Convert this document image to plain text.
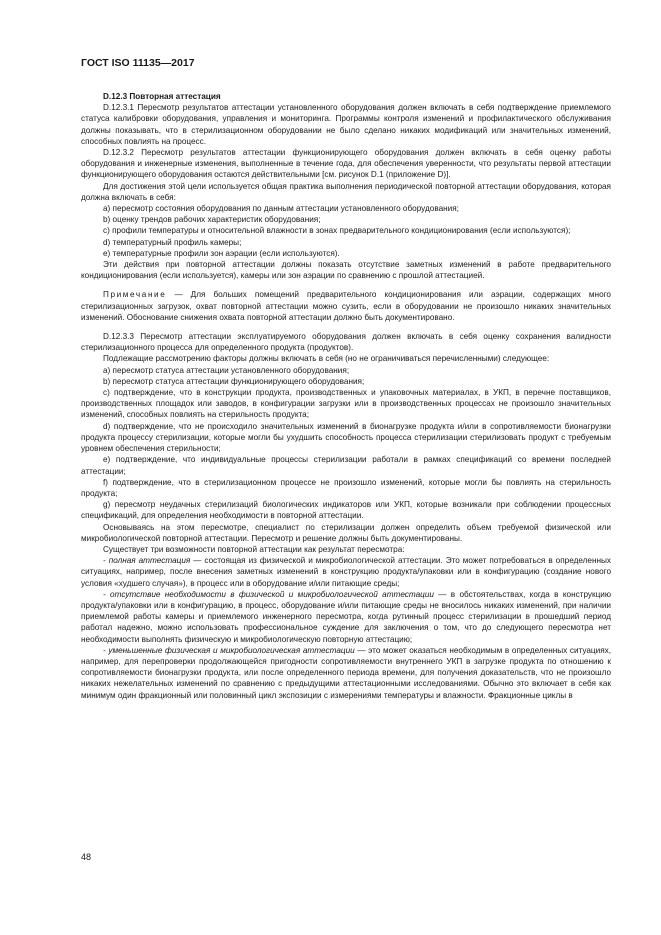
ГОСТ ISO 11135—2017

D.12.3 Повторная аттестация

D.12.3.1 Пересмотр результатов аттестации установленного оборудования должен включать в себя подтверждение приемлемого статуса калибровки оборудования, управления и мониторинга. Программы контроля изменений и профилактического обслуживания должны показывать, что в стерилизационном оборудовании не было сделано никаких модификаций или значительных изменений, способных повлиять на процесс.

D.12.3.2 Пересмотр результатов аттестации функционирующего оборудования должен включать в себя оценку работы оборудования и инженерные изменения, выполненные в течение года, для обеспечения уверенности, что результаты первой аттестации функционирующего оборудования остаются действительными [см. рисунок D.1 (приложение D)].

Для достижения этой цели используется общая практика выполнения периодической повторной аттестации оборудования, которая должна включать в себя:

a) пересмотр состояния оборудования по данным аттестации установленного оборудования;

b) оценку трендов рабочих характеристик оборудования;

c) профили температуры и относительной влажности в зонах предварительного кондиционирования (если используются);

d) температурный профиль камеры;

e) температурные профили зон аэрации (если используются).

Эти действия при повторной аттестации должны показать отсутствие заметных изменений в работе предварительного кондиционирования (если используется), камеры или зон аэрации по сравнению с прошлой аттестацией.

Примечание — Для больших помещений предварительного кондиционирования или аэрации, содержащих много стерилизационных загрузок, охват повторной аттестации можно сузить, если в оборудовании не произошло никаких значительных изменений. Обоснование снижения охвата повторной аттестации должно быть документировано.

D.12.3.3 Пересмотр аттестации эксплуатируемого оборудования должен включать в себя оценку сохранения валидности стерилизационного процесса для определенного продукта (продуктов).

Подлежащие рассмотрению факторы должны включать в себя (но не ограничиваться перечисленными) следующее:

a) пересмотр статуса аттестации установленного оборудования;

b) пересмотр статуса аттестации функционирующего оборудования;

c) подтверждение, что в конструкции продукта, производственных и упаковочных материалах, в УКП, в перечне поставщиков, производственных площадок или заводов, в конфигурации загрузки или в производственных процессах не произошло значительных изменений, способных повлиять на стерильность продукта;

d) подтверждение, что не происходило значительных изменений в бионагрузке продукта и/или в сопротивляемости бионагрузки продукта процессу стерилизации, которые могли бы ухудшить способность процесса стерилизации стерилизовать продукт с требуемым уровнем обеспечения стерильности;

e) подтверждение, что индивидуальные процессы стерилизации работали в рамках спецификаций со времени последней аттестации;

f) подтверждение, что в стерилизационном процессе не произошло изменений, которые могли бы повлиять на стерильность продукта;

g) пересмотр неудачных стерилизаций биологических индикаторов или УКП, которые возникали при соблюдении процессных спецификаций, для определения необходимости в повторной аттестации.

Основываясь на этом пересмотре, специалист по стерилизации должен определить объем требуемой физической или микробиологической повторной аттестации. Пересмотр и решение должны быть документированы.

Существует три возможности повторной аттестации как результат пересмотра:

- полная аттестация — состоящая из физической и микробиологической аттестации. Это может потребоваться в определенных ситуациях, например, после внесения заметных изменений в конструкцию продукта/упаковки или в конфигурацию (создание нового условия «худшего случая»), в процесс или в оборудование и/или питающие среды;

- отсутствие необходимости в физической и микробиологической аттестации — в обстоятельствах, когда в конструкцию продукта/упаковки или в конфигурацию, в процесс, оборудование и/или питающие среды не вносилось никаких изменений, при наличии приемлемой работы камеры и приемлемого инженерного пересмотра, когда рутинный процесс стерилизации в прошедший период работал надежно, можно использовать профессиональное суждение для заключения о том, что до следующего пересмотра нет необходимости выполнять физическую и микробиологическую повторную аттестацию;

- уменьшенные физическая и микробиологическая аттестации — это может оказаться необходимым в определенных ситуациях, например, для перепроверки продолжающейся пригодности сопротивляемости внутреннего УКП в загрузке продукта по отношению к сопротивляемости бионагрузки продукта, или после определенного периода времени, для получения доказательств, что не произошло никаких нежелательных изменений по сравнению с предыдущими аттестационными исследованиями. Обычно это включает в себя как минимум один фракционный или половинный цикл экспозиции с измерениями температуры и влажности. Фракционные циклы в

48
